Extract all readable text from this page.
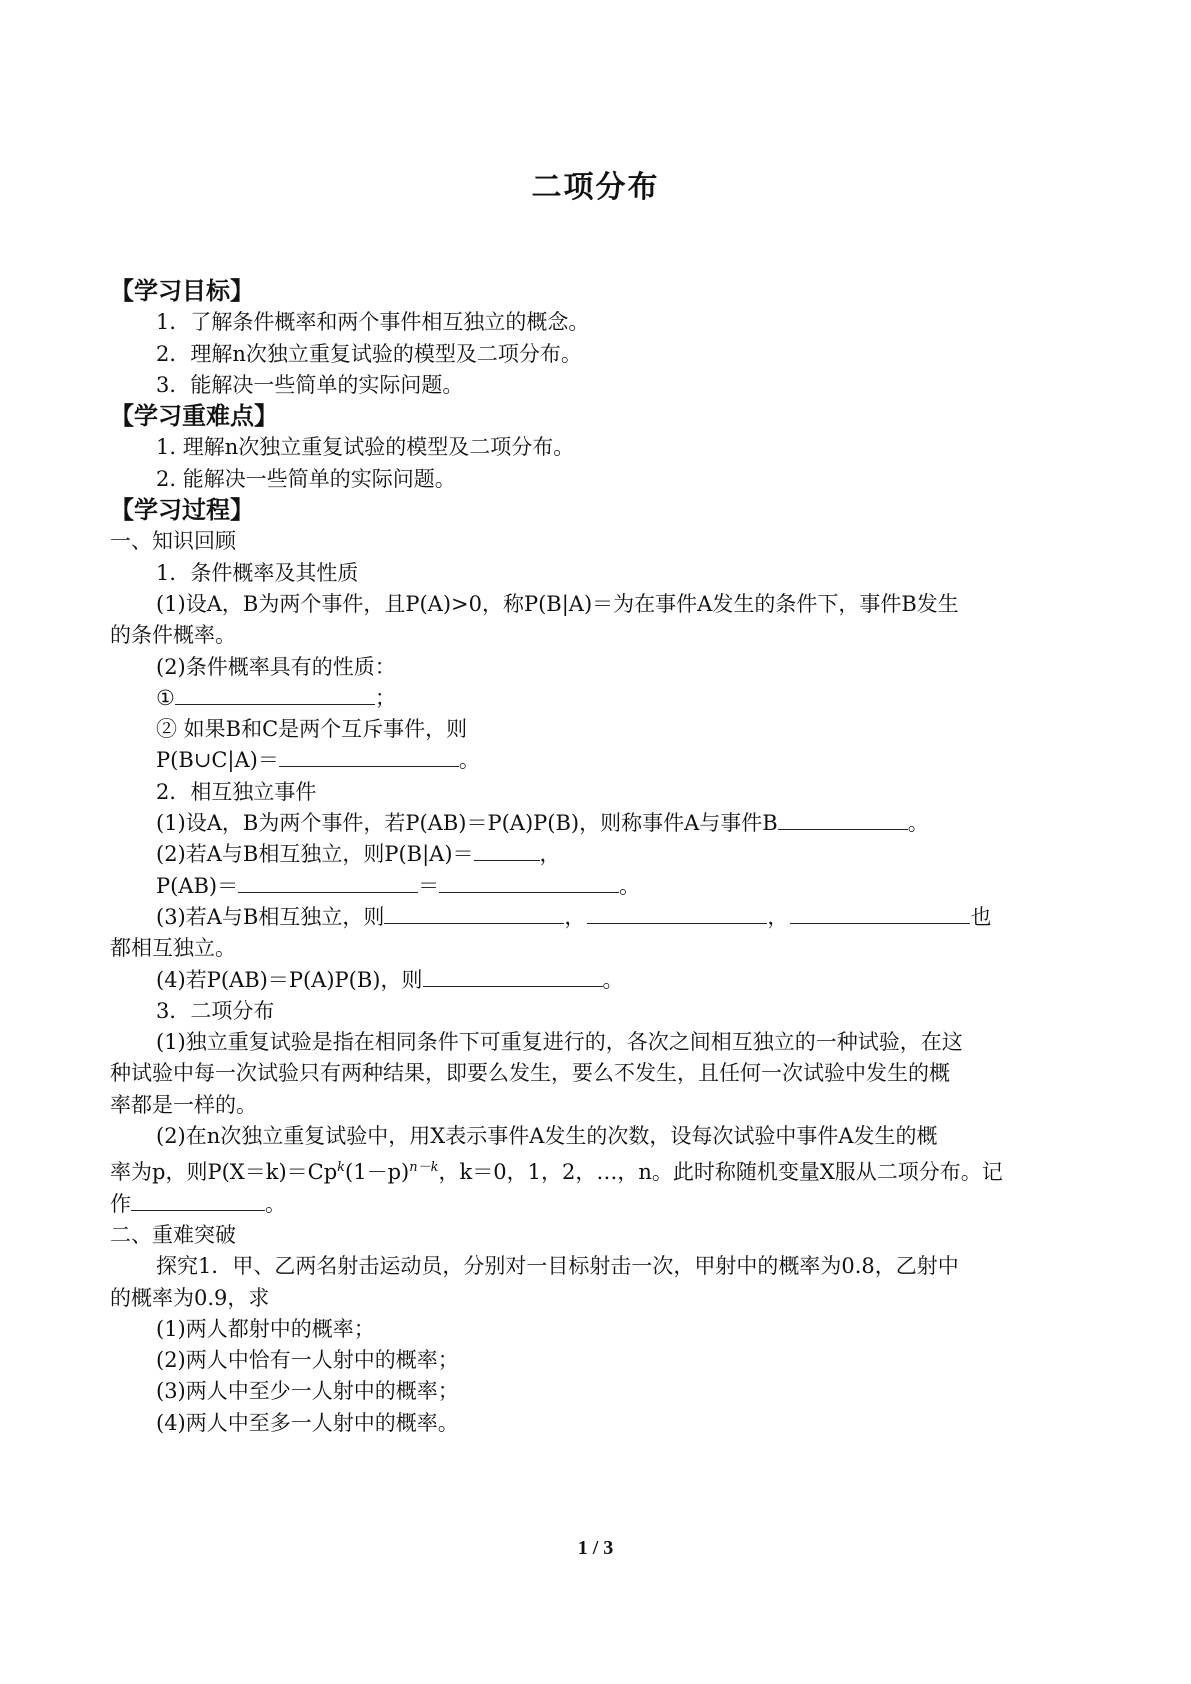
二项分布
【学习目标】
1．了解条件概率和两个事件相互独立的概念。
2．理解n次独立重复试验的模型及二项分布。
3．能解决一些简单的实际问题。
【学习重难点】
1. 理解n次独立重复试验的模型及二项分布。
2. 能解决一些简单的实际问题。
【学习过程】
一、知识回顾
1．条件概率及其性质
(1)设A，B为两个事件，且P(A)>0，称P(B|A)＝为在事件A发生的条件下，事件B发生
的条件概率。
(2)条件概率具有的性质：
①	；
② 如果B和C是两个互斥事件，则
P(B∪C|A)＝	。
2．相互独立事件
(1)设A，B为两个事件，若P(AB)＝P(A)P(B)，则称事件A与事件B	。
(2)若A与B相互独立，则P(B|A)＝	，
P(AB)＝	＝	。
(3)若A与B相互独立，则	，	，	也
都相互独立。
(4)若P(AB)＝P(A)P(B)，则	。
3．二项分布
(1)独立重复试验是指在相同条件下可重复进行的，各次之间相互独立的一种试验，在这
种试验中每一次试验只有两种结果，即要么发生，要么不发生，且任何一次试验中发生的概
率都是一样的。
(2)在n次独立重复试验中，用X表示事件A发生的次数，设每次试验中事件A发生的概
率为p，则$P(X=k)=Cp^k(1-p)^{n-k}$，k＝0，1，2，…，n。此时称随机变量X服从二项分布。记
作	。
二、重难突破
探究1．甲、乙两名射击运动员，分别对一目标射击一次，甲射中的概率为0.8，乙射中
的概率为0.9，求
(1)两人都射中的概率；
(2)两人中恰有一人射中的概率；
(3)两人中至少一人射中的概率；
(4)两人中至多一人射中的概率。
1 / 3
